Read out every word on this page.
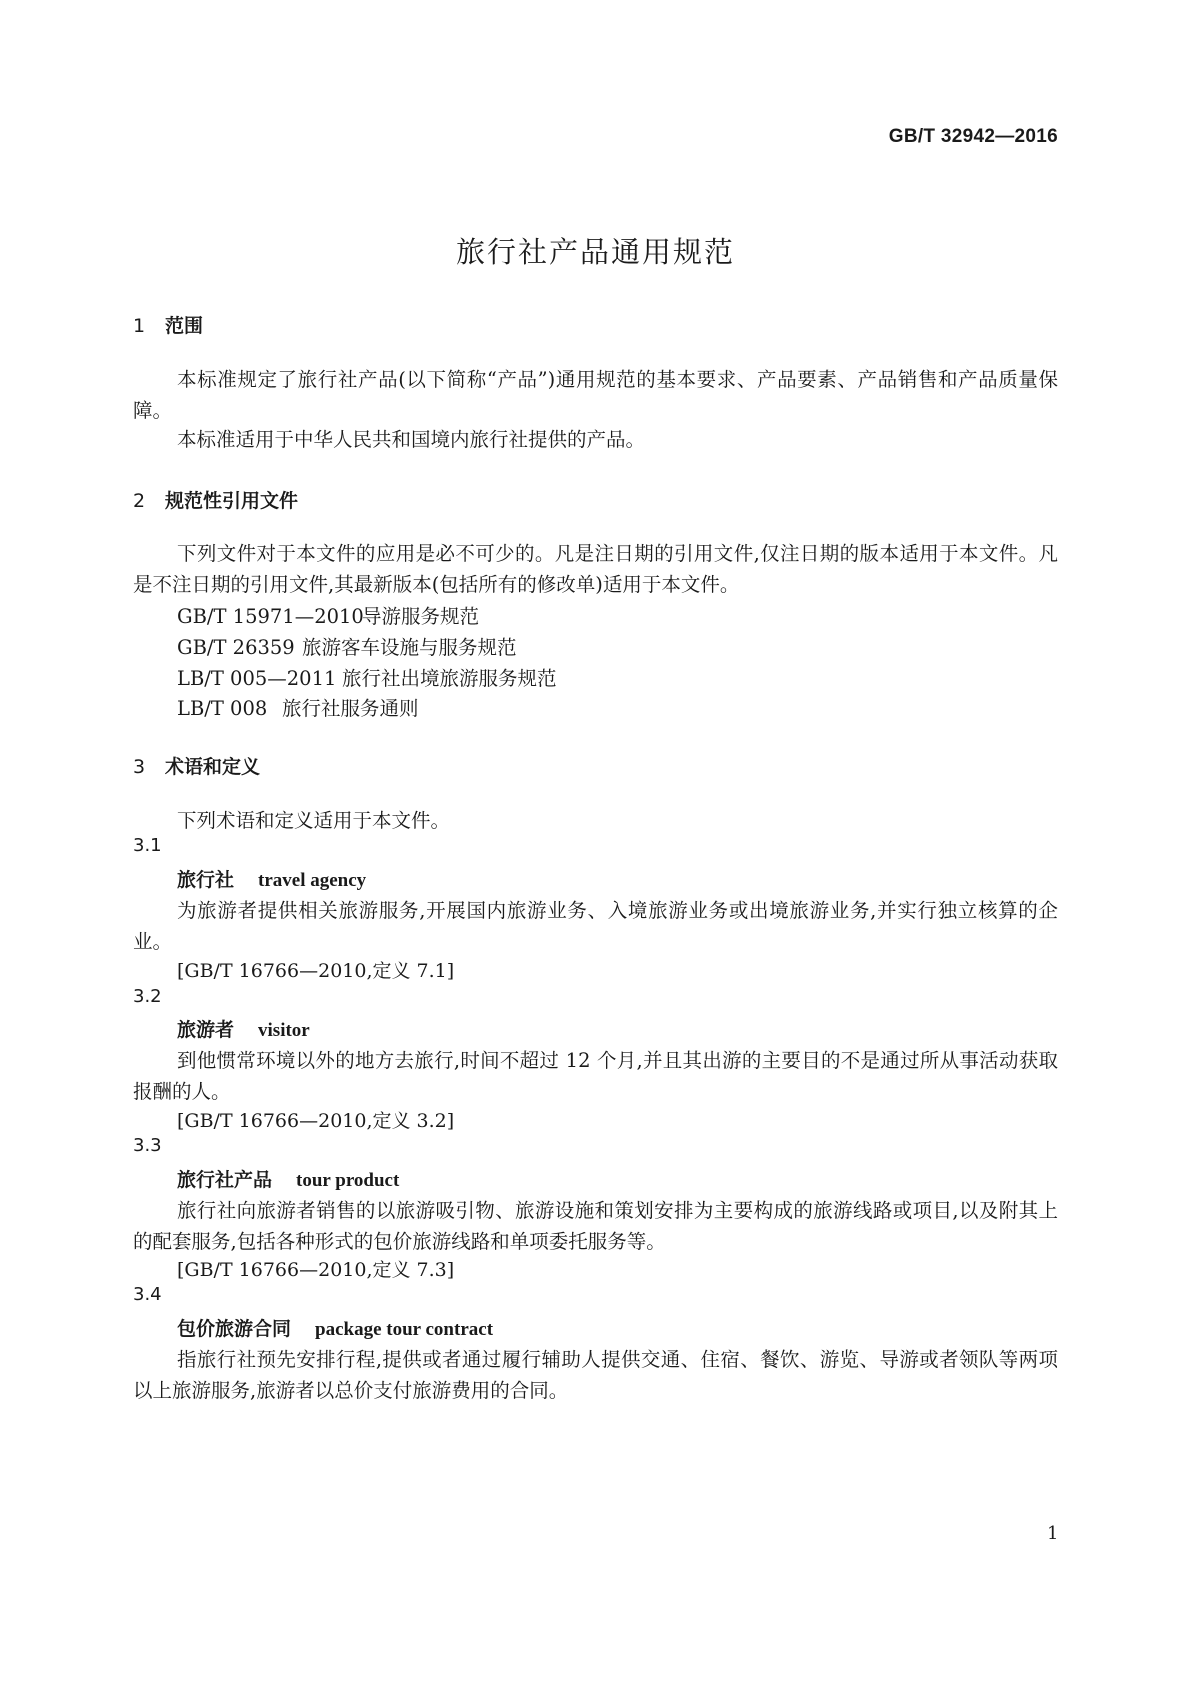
GB/T 32942—2016
旅行社产品通用规范
1 范围

本标准规定了旅行社产品(以下简称“产品”)通用规范的基本要求、产品要素、产品销售和产品质量保障。

本标准适用于中华人民共和国境内旅行社提供的产品。

2 规范性引用文件

下列文件对于本文件的应用是必不可少的。凡是注日期的引用文件,仅注日期的版本适用于本文件。凡是不注日期的引用文件,其最新版本(包括所有的修改单)适用于本文件。

GB/T 15971—2010导游服务规范
GB/T 26359 旅游客车设施与服务规范
LB/T 005—2011 旅行社出境旅游服务规范
LB/T 008 旅行社服务通则
3 术语和定义
下列术语和定义适用于本文件。
3.1
旅行社 travel agency

为旅游者提供相关旅游服务,开展国内旅游业务、入境旅游业务或出境旅游业务,并实行独立核算的企业。

[GB/T 16766—2010,定义 7.1]
3.2
旅游者 visitor

到他惯常环境以外的地方去旅行,时间不超过 12 个月,并且其出游的主要目的不是通过所从事活动获取报酬的人。

[GB/T 16766—2010,定义 3.2]
3.3
旅行社产品 tour product

旅行社向旅游者销售的以旅游吸引物、旅游设施和策划安排为主要构成的旅游线路或项目,以及附其上的配套服务,包括各种形式的包价旅游线路和单项委托服务等。

[GB/T 16766—2010,定义 7.3]
3.4
包价旅游合同 package tour contract

指旅行社预先安排行程,提供或者通过履行辅助人提供交通、住宿、餐饮、游览、导游或者领队等两项以上旅游服务,旅游者以总价支付旅游费用的合同。

1
